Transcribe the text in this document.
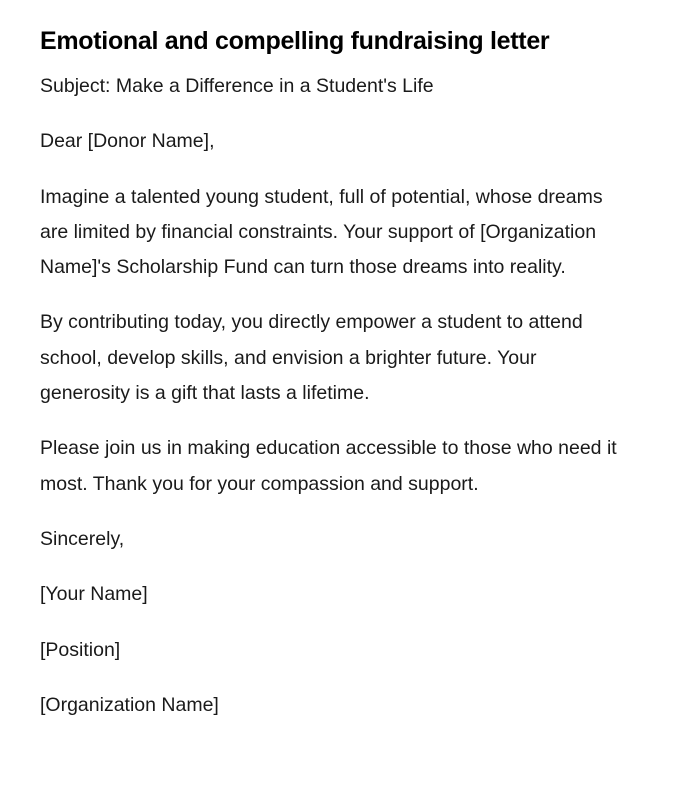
Emotional and compelling fundraising letter

Subject: Make a Difference in a Student's Life

Dear [Donor Name],

Imagine a talented young student, full of potential, whose dreams are limited by financial constraints. Your support of [Organization Name]'s Scholarship Fund can turn those dreams into reality.

By contributing today, you directly empower a student to attend school, develop skills, and envision a brighter future. Your generosity is a gift that lasts a lifetime.

Please join us in making education accessible to those who need it most. Thank you for your compassion and support.

Sincerely,

[Your Name]

[Position]

[Organization Name]
